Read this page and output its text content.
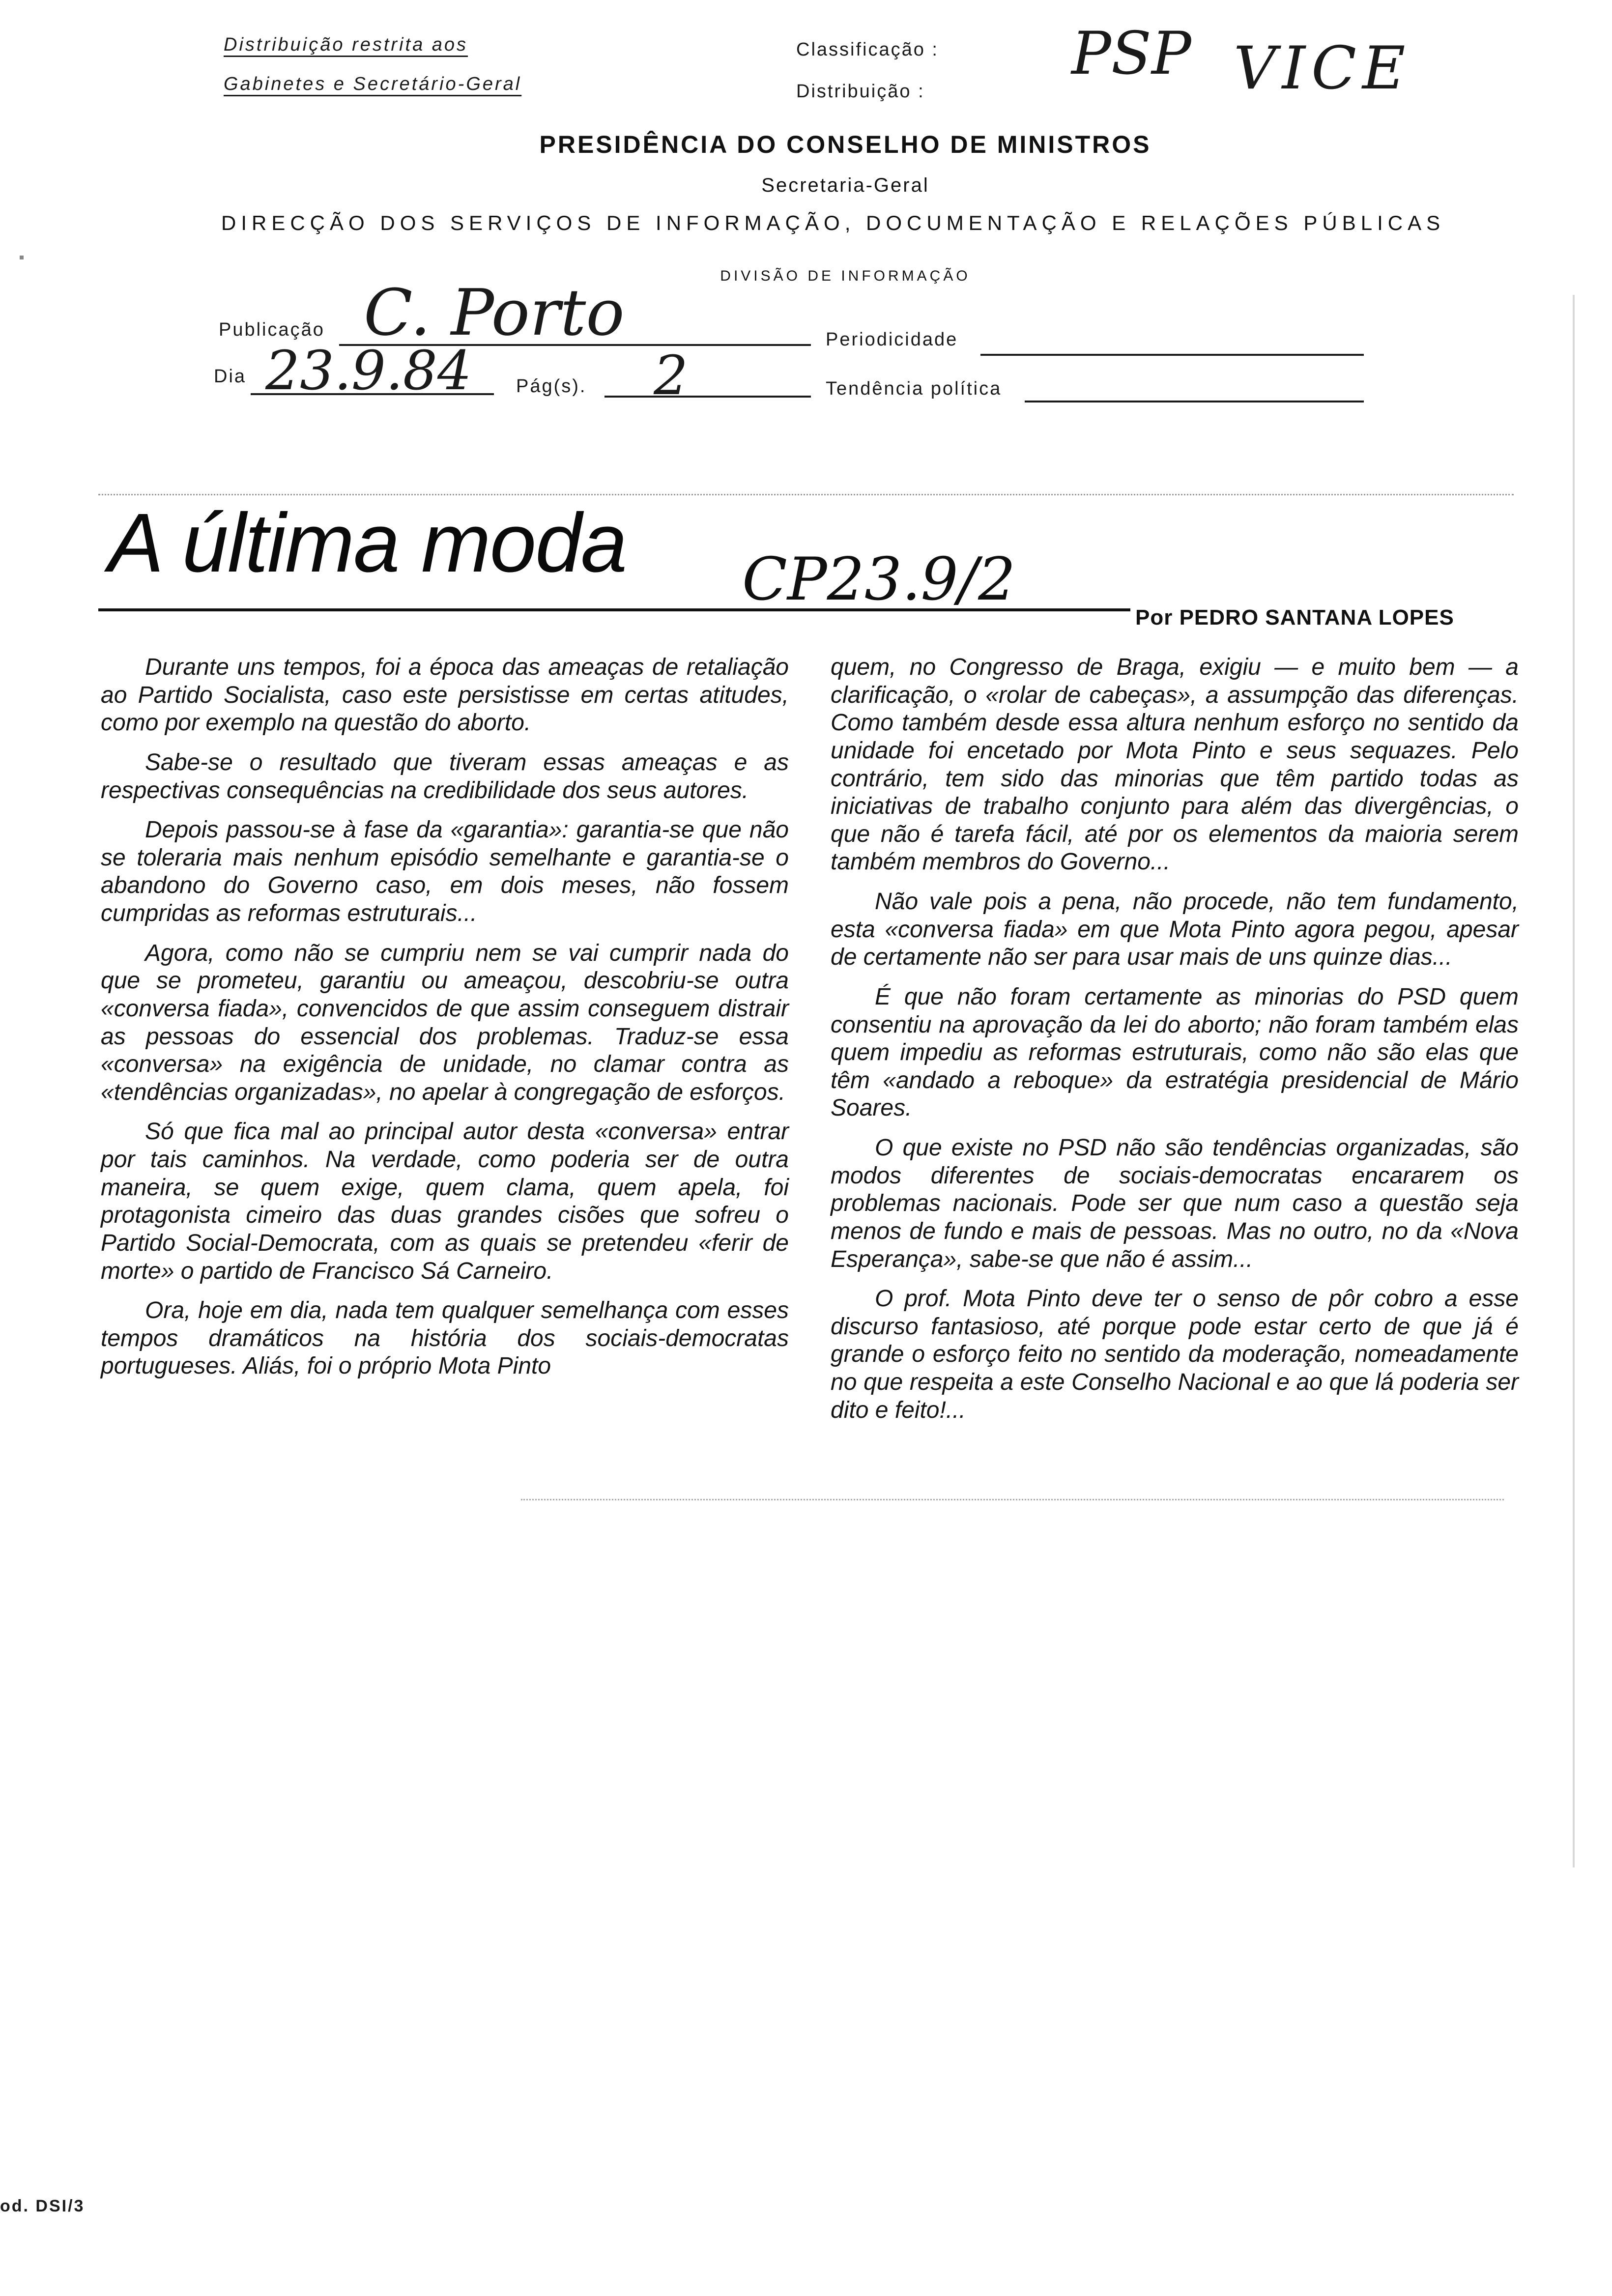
Distribuição restrita aos
Gabinetes e Secretário-Geral
Classificação :
Distribuição :
PSP VICE
PRESIDÊNCIA DO CONSELHO DE MINISTROS
Secretaria-Geral
DIRECÇÃO DOS SERVIÇOS DE INFORMAÇÃO, DOCUMENTAÇÃO E RELAÇÕES PÚBLICAS
DIVISÃO DE INFORMAÇÃO
Publicação C. Porto	Periodicidade
Dia 23.9.84 Pág(s). 2	Tendência política
A última moda CP23.9/2
Por PEDRO SANTANA LOPES

Durante uns tempos, foi a época das ameaças de retaliação ao Partido Socialista, caso este persistisse em certas atitudes, como por exemplo na questão do aborto.

Sabe-se o resultado que tiveram essas ameaças e as respectivas consequências na credibilidade dos seus autores.

Depois passou-se à fase da «garantia»: garantia-se que não se toleraria mais nenhum episódio semelhante e garantia-se o abandono do Governo caso, em dois meses, não fossem cumpridas as reformas estruturais...

Agora, como não se cumpriu nem se vai cumprir nada do que se prometeu, garantiu ou ameaçou, descobriu-se outra «conversa fiada», convencidos de que assim conseguem distrair as pessoas do essencial dos problemas. Traduz-se essa «conversa» na exigência de unidade, no clamar contra as «tendências organizadas», no apelar à congregação de esforços.

Só que fica mal ao principal autor desta «conversa» entrar por tais caminhos. Na verdade, como poderia ser de outra maneira, se quem exige, quem clama, quem apela, foi protagonista cimeiro das duas grandes cisões que sofreu o Partido Social-Democrata, com as quais se pretendeu «ferir de morte» o partido de Francisco Sá Carneiro.

Ora, hoje em dia, nada tem qualquer semelhança com esses tempos dramáticos na história dos sociais-democratas portugueses. Aliás, foi o próprio Mota Pinto

quem, no Congresso de Braga, exigiu — e muito bem — a clarificação, o «rolar de cabeças», a assumpção das diferenças. Como também desde essa altura nenhum esforço no sentido da unidade foi encetado por Mota Pinto e seus sequazes. Pelo contrário, tem sido das minorias que têm partido todas as iniciativas de trabalho conjunto para além das divergências, o que não é tarefa fácil, até por os elementos da maioria serem também membros do Governo...

Não vale pois a pena, não procede, não tem fundamento, esta «conversa fiada» em que Mota Pinto agora pegou, apesar de certamente não ser para usar mais de uns quinze dias...

É que não foram certamente as minorias do PSD quem consentiu na aprovação da lei do aborto; não foram também elas quem impediu as reformas estruturais, como não são elas que têm «andado a reboque» da estratégia presidencial de Mário Soares.

O que existe no PSD não são tendências organizadas, são modos diferentes de sociais-democratas encararem os problemas nacionais. Pode ser que num caso a questão seja menos de fundo e mais de pessoas. Mas no outro, no da «Nova Esperança», sabe-se que não é assim...

O prof. Mota Pinto deve ter o senso de pôr cobro a esse discurso fantasioso, até porque pode estar certo de que já é grande o esforço feito no sentido da moderação, nomeadamente no que respeita a este Conselho Nacional e ao que lá poderia ser dito e feito!...

od. DSI/3
